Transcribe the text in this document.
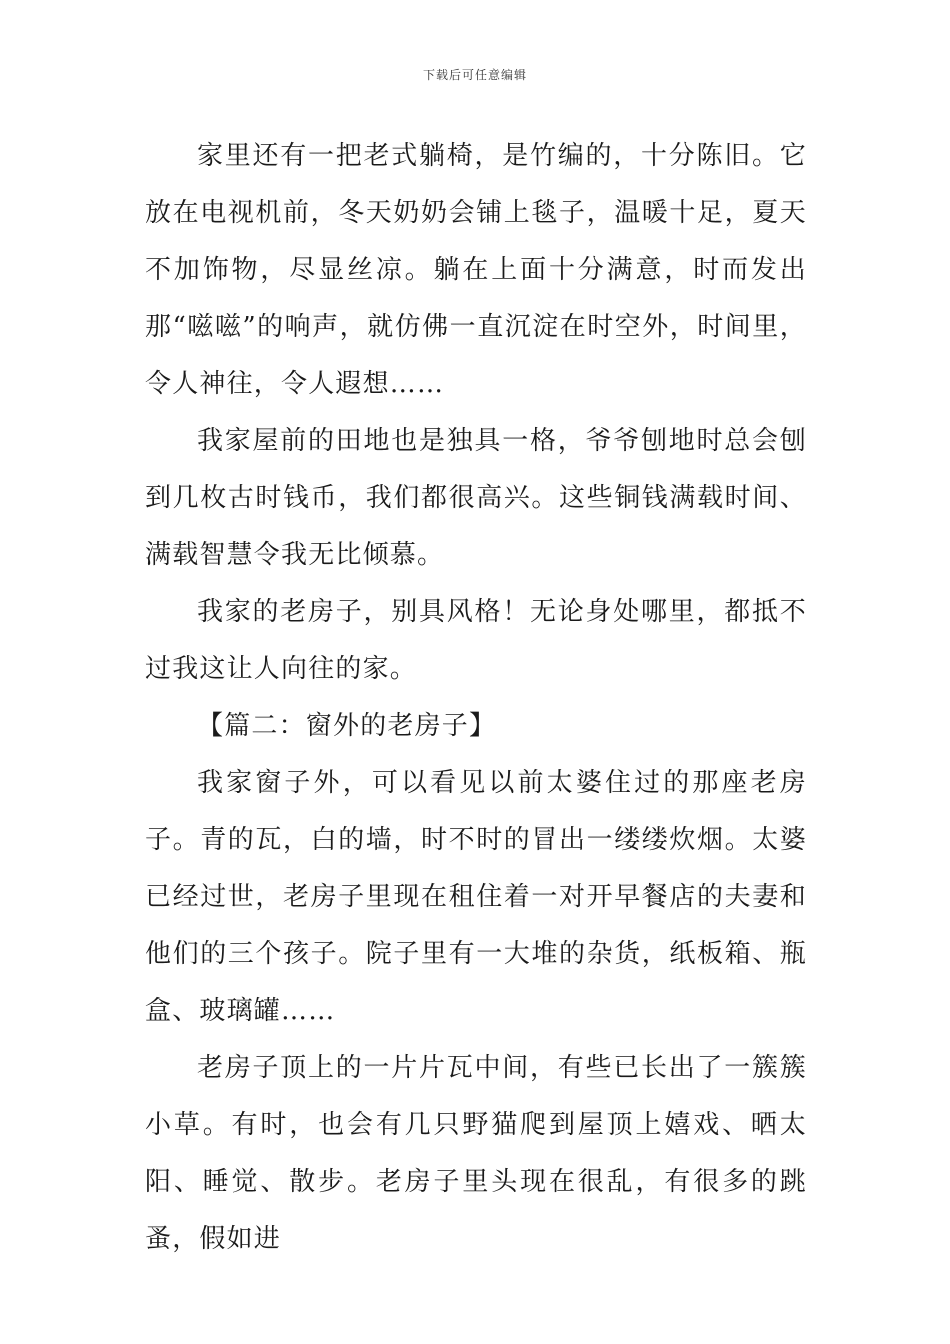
下载后可任意编辑

家里还有一把老式躺椅，是竹编的，十分陈旧。它放在电视机前，冬天奶奶会铺上毯子，温暖十足，夏天不加饰物，尽显丝凉。躺在上面十分满意，时而发出那“嗞嗞”的响声，就仿佛一直沉淀在时空外，时间里，令人神往，令人遐想……

我家屋前的田地也是独具一格，爷爷刨地时总会刨到几枚古时钱币，我们都很高兴。这些铜钱满载时间、满载智慧令我无比倾慕。

我家的老房子，别具风格！无论身处哪里，都抵不过我这让人向往的家。

【篇二：窗外的老房子】

我家窗子外，可以看见以前太婆住过的那座老房子。青的瓦，白的墙，时不时的冒出一缕缕炊烟。太婆已经过世，老房子里现在租住着一对开早餐店的夫妻和他们的三个孩子。院子里有一大堆的杂货，纸板箱、瓶盒、玻璃罐……

老房子顶上的一片片瓦中间，有些已长出了一簇簇小草。有时，也会有几只野猫爬到屋顶上嬉戏、晒太阳、睡觉、散步。老房子里头现在很乱，有很多的跳蚤，假如进
